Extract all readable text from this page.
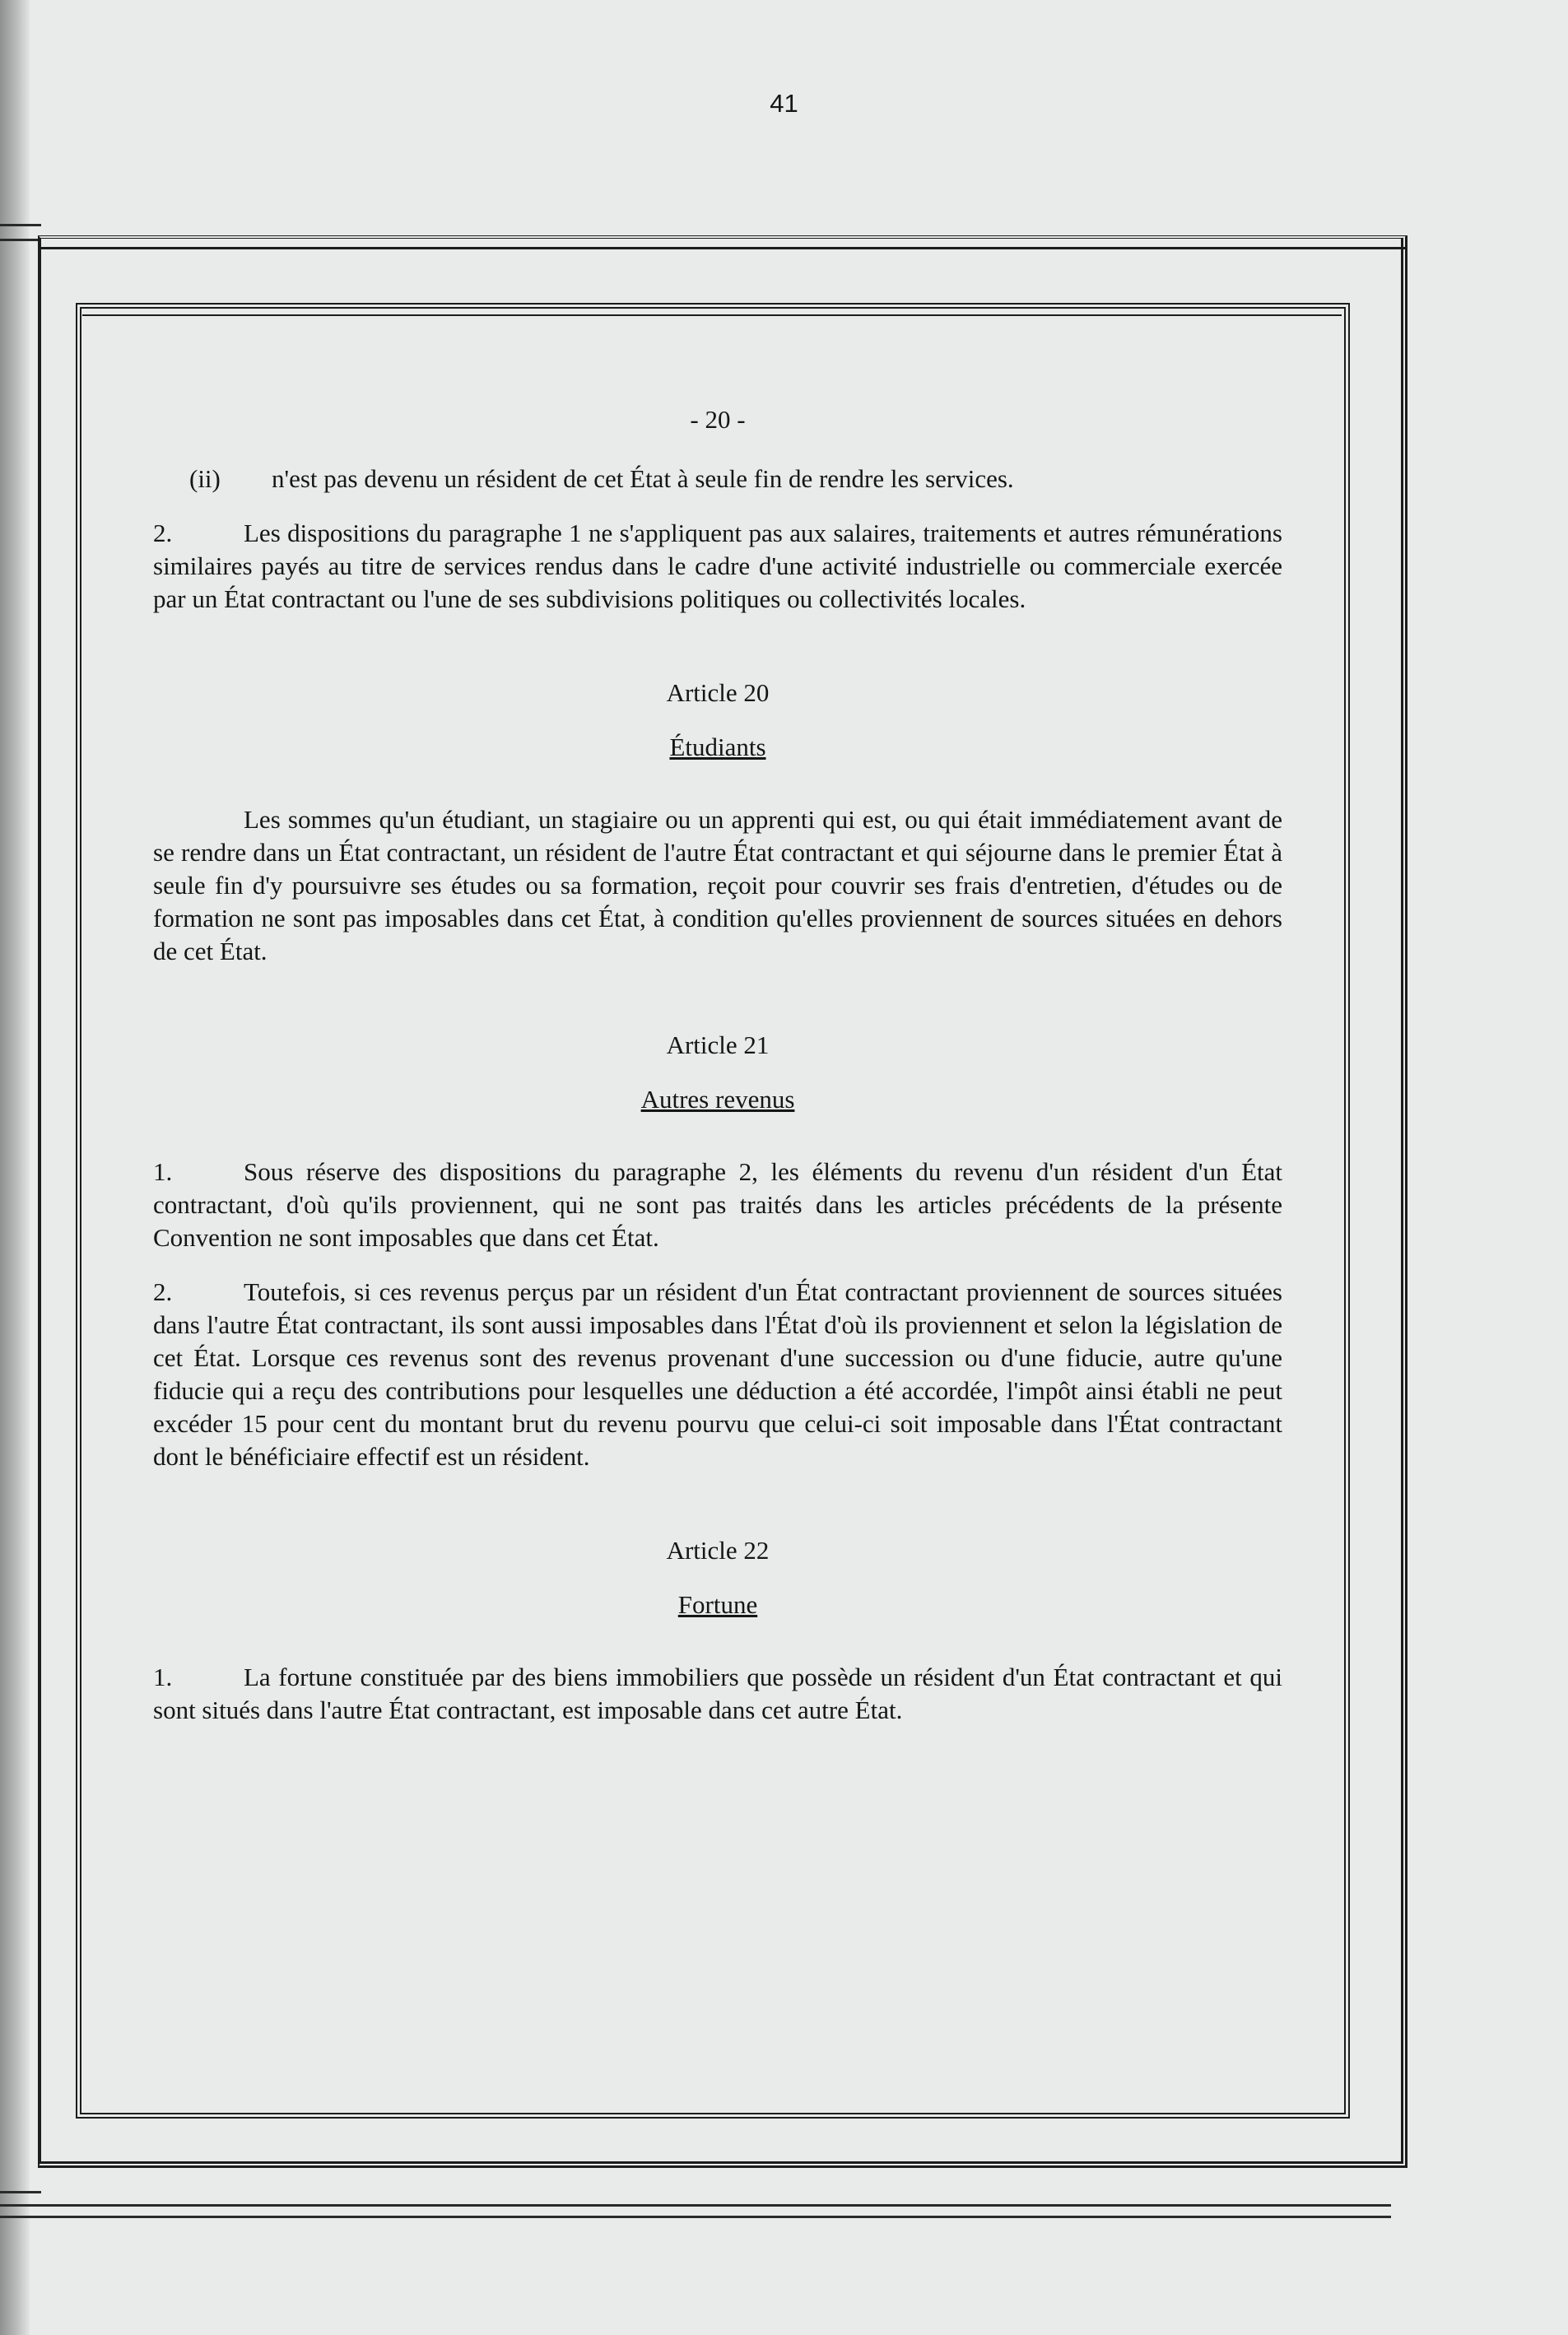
41
- 20 -
(ii)	n'est pas devenu un résident de cet État à seule fin de rendre les services.

2.	Les dispositions du paragraphe 1 ne s'appliquent pas aux salaires, traitements et autres rémunérations similaires payés au titre de services rendus dans le cadre d'une activité industrielle ou commerciale exercée par un État contractant ou l'une de ses subdivisions politiques ou collectivités locales.

Article 20
Étudiants

Les sommes qu'un étudiant, un stagiaire ou un apprenti qui est, ou qui était immédiatement avant de se rendre dans un État contractant, un résident de l'autre État contractant et qui séjourne dans le premier État à seule fin d'y poursuivre ses études ou sa formation, reçoit pour couvrir ses frais d'entretien, d'études ou de formation ne sont pas imposables dans cet État, à condition qu'elles proviennent de sources situées en dehors de cet État.

Article 21
Autres revenus

1.	Sous réserve des dispositions du paragraphe 2, les éléments du revenu d'un résident d'un État contractant, d'où qu'ils proviennent, qui ne sont pas traités dans les articles précédents de la présente Convention ne sont imposables que dans cet État.

2.	Toutefois, si ces revenus perçus par un résident d'un État contractant proviennent de sources situées dans l'autre État contractant, ils sont aussi imposables dans l'État d'où ils proviennent et selon la législation de cet État. Lorsque ces revenus sont des revenus provenant d'une succession ou d'une fiducie, autre qu'une fiducie qui a reçu des contributions pour lesquelles une déduction a été accordée, l'impôt ainsi établi ne peut excéder 15 pour cent du montant brut du revenu pourvu que celui-ci soit imposable dans l'État contractant dont le bénéficiaire effectif est un résident.

Article 22
Fortune

1.	La fortune constituée par des biens immobiliers que possède un résident d'un État contractant et qui sont situés dans l'autre État contractant, est imposable dans cet autre État.
